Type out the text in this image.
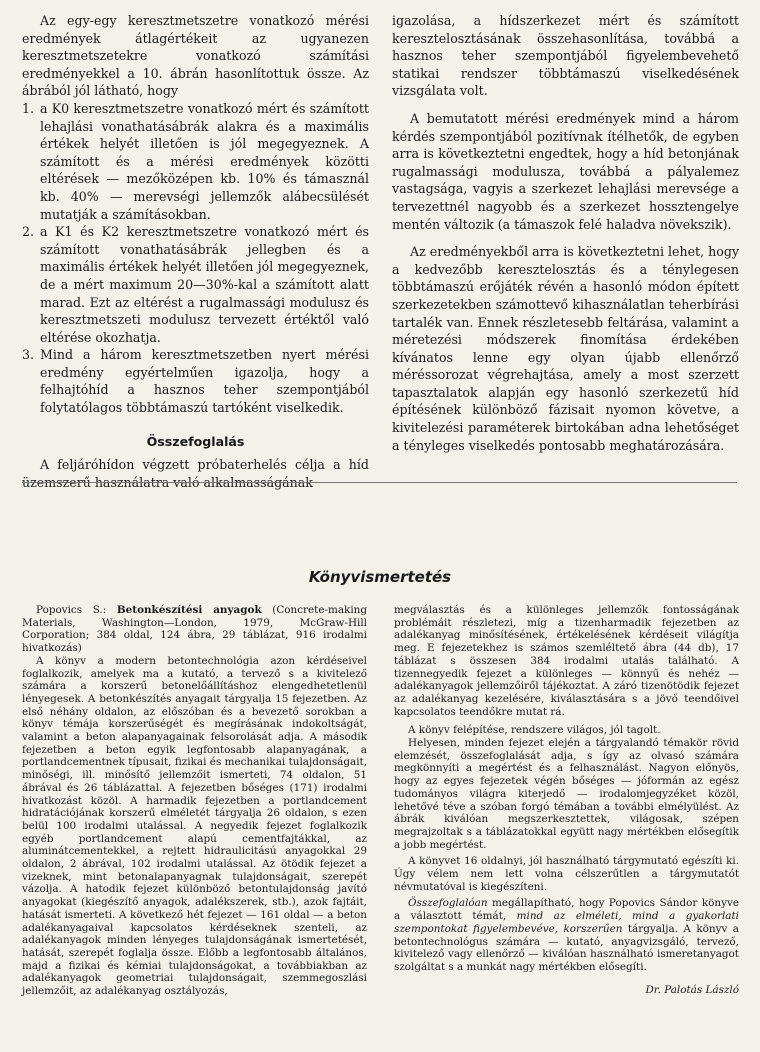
Az egy-egy keresztmetszetre vonatkozó mérési eredmények átlagértékeit az ugyanezen keresztmetszetekre vonatkozó számítási eredményekkel a 10. ábrán hasonlítottuk össze. Az ábrából jól látható, hogy

1. a K0 keresztmetszetre vonatkozó mért és számított lehajlási vonathatásábrák alakra és a maximális értékek helyét illetően is jól megegyeznek. A számított és a mérési eredmények közötti eltérések — mezőközépen kb. 10% és támasznál kb. 40% — merevségi jellemzők alábecsülését mutatják a számításokban.
2. a K1 és K2 keresztmetszetre vonatkozó mért és számított vonathatásábrák jellegben és a maximális értékek helyét illetően jól megegyeznek, de a mért maximum 20—30%-kal a számított alatt marad. Ezt az eltérést a rugalmassági modulusz és keresztmetszeti modulusz tervezett értéktől való eltérése okozhatja.
3. Mind a három keresztmetszetben nyert mérési eredmény egyértelműen igazolja, hogy a felhajtóhíd a hasznos teher szempontjából folytatólagos többtámaszú tartóként viselkedik.
Összefoglalás

A feljáróhídon végzett próbaterhelés célja a híd üzemszerű használatra való alkalmasságának

igazolása, a hídszerkezet mért és számított keresztelosztásának összehasonlítása, továbbá a hasznos teher szempontjából figyelembevehető statikai rendszer többtámaszú viselkedésének vizsgálata volt.

A bemutatott mérési eredmények mind a három kérdés szempontjából pozitívnak ítélhetők, de egyben arra is következtetni engedtek, hogy a híd betonjának rugalmassági modulusza, továbbá a pályalemez vastagsága, vagyis a szerkezet lehajlási merevsége a tervezettnél nagyobb és a szerkezet hossztengelye mentén változik (a támaszok felé haladva növekszik).

Az eredményekből arra is következtetni lehet, hogy a kedvezőbb keresztelosztás és a ténylegesen többtámaszú erőjáték révén a hasonló módon épített szerkezetekben számottevő kihasználatlan teherbírási tartalék van. Ennek részletesebb feltárása, valamint a méretezési módszerek finomítása érdekében kívánatos lenne egy olyan újabb ellenőrző méréssorozat végrehajtása, amely a most szerzett tapasztalatok alapján egy hasonló szerkezetű híd építésének különböző fázisait nyomon követve, a kivitelezési paraméterek birtokában adna lehetőséget a tényleges viselkedés pontosabb meghatározására.

Könyvismertetés

Popovics S.: Betonkészítési anyagok (Concrete-making Materials, Washington—London, 1979, McGraw-Hill Corporation; 384 oldal, 124 ábra, 29 táblázat, 916 irodalmi hivatkozás)

A könyv a modern betontechnológia azon kérdéseivel foglalkozik, amelyek ma a kutató, a tervező s a kivitelező számára a korszerű betonelőállításhoz elengedhetetlenül lényegesek. A betonkészítés anyagait tárgyalja 15 fejezetben. Az első néhány oldalon, az előszóban és a bevezető sorokban a könyv témája korszerűségét és megírásának indokoltságát, valamint a beton alapanyagainak felsorolását adja. A második fejezetben a beton egyik legfontosabb alapanyagának, a portlandcementnek típusait, fizikai és mechanikai tulajdonságait, minőségi, ill. minősítő jellemzőit ismerteti, 74 oldalon, 51 ábrával és 26 táblázattal. A fejezetben bőséges (171) irodalmi hivatkozást közöl. A harmadik fejezetben a portlandcement hidratációjának korszerű elméletét tárgyalja 26 oldalon, s ezen belül 100 irodalmi utalással. A negyedik fejezet foglalkozik egyéb portlandcement alapú cementfajtákkal, az aluminátcementekkel, a rejtett hidraulicitású anyagokkal 29 oldalon, 2 ábrával, 102 irodalmi utalással. Az ötödik fejezet a vizeknek, mint betonalapanyagnak tulajdonságait, szerepét vázolja. A hatodik fejezet különböző betontulajdonság javító anyagokat (kiegészítő anyagok, adalékszerek, stb.), azok fajtáit, hatását ismerteti. A következő hét fejezet — 161 oldal — a beton adalékanyagaival kapcsolatos kérdéseknek szenteli, az adalékanyagok minden lényeges tulajdonságának ismertetését, hatását, szerepét foglalja össze. Előbb a legfontosabb általános, majd a fizikai és kémiai tulajdonságokat, a továbbiakban az adalékanyagok geometriai tulajdonságait, szemmegoszlási jellemzőit, az adalékanyag osztályozás,

megválasztás és a különleges jellemzők fontosságának problémáit részletezi, míg a tizenharmadik fejezetben az adalékanyag minősítésének, értékelésének kérdéseit világítja meg. E fejezetekhez is számos szemléltető ábra (44 db), 17 táblázat s összesen 384 irodalmi utalás található. A tizennegyedik fejezet a különleges — könnyű és nehéz — adalékanyagok jellemzőiről tájékoztat. A záró tizenötödik fejezet az adalékanyag kezelésére, kiválasztására s a jövő teendőivel kapcsolatos teendőkre mutat rá.

A könyv felépítése, rendszere világos, jól tagolt.

Helyesen, minden fejezet elején a tárgyalandó témakör rövid elemzését, összefoglalását adja, s így az olvasó számára megkönnyíti a megértést és a felhasználást. Nagyon előnyös, hogy az egyes fejezetek végén bőséges — jóformán az egész tudományos világra kiterjedő — irodalomjegyzéket közöl, lehetővé téve a szóban forgó témában a további elmélyülést. Az ábrák kiválóan megszerkesztettek, világosak, szépen megrajzoltak s a táblázatokkal együtt nagy mértékben elősegítik a jobb megértést.

A könyvet 16 oldalnyi, jól használható tárgymutató egészíti ki. Úgy vélem nem lett volna célszerűtlen a tárgymutatót névmutatóval is kiegészíteni.

Összefoglalóan megállapítható, hogy Popovics Sándor könyve a választott témát, mind az elméleti, mind a gyakorlati szempontokat figyelembevéve, korszerűen tárgyalja. A könyv a betontechnológus számára — kutató, anyagvizsgáló, tervező, kivitelező vagy ellenőrző — kiválóan használható ismeretanyagot szolgáltat s a munkát nagy mértékben elősegíti.

Dr. Palotás László
